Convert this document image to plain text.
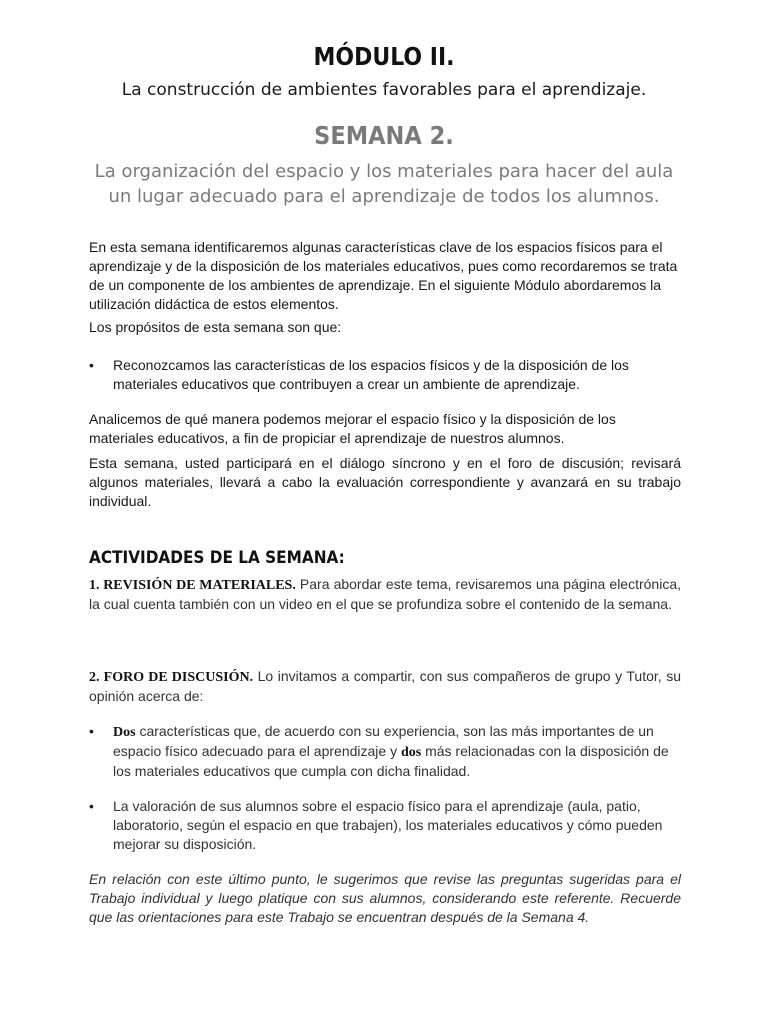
MÓDULO II.
La construcción de ambientes favorables para el aprendizaje.
SEMANA 2.
La organización del espacio y los materiales para hacer del aula un lugar adecuado para el aprendizaje de todos los alumnos.

En esta semana identificaremos algunas características clave de los espacios físicos para el aprendizaje y de la disposición de los materiales educativos, pues como recordaremos se trata de un componente de los ambientes de aprendizaje. En el siguiente Módulo abordaremos la utilización didáctica de estos elementos.

Los propósitos de esta semana son que:

• Reconozcamos las características de los espacios físicos y de la disposición de los materiales educativos que contribuyen a crear un ambiente de aprendizaje.

Analicemos de qué manera podemos mejorar el espacio físico y la disposición de los materiales educativos, a fin de propiciar el aprendizaje de nuestros alumnos.

Esta semana, usted participará en el diálogo síncrono y en el foro de discusión; revisará algunos materiales, llevará a cabo la evaluación correspondiente y avanzará en su trabajo individual.

ACTIVIDADES DE LA SEMANA:

1. REVISIÓN DE MATERIALES. Para abordar este tema, revisaremos una página electrónica, la cual cuenta también con un video en el que se profundiza sobre el contenido de la semana.

2. FORO DE DISCUSIÓN. Lo invitamos a compartir, con sus compañeros de grupo y Tutor, su opinión acerca de:

• Dos características que, de acuerdo con su experiencia, son las más importantes de un espacio físico adecuado para el aprendizaje y dos más relacionadas con la disposición de los materiales educativos que cumpla con dicha finalidad.
• La valoración de sus alumnos sobre el espacio físico para el aprendizaje (aula, patio, laboratorio, según el espacio en que trabajen), los materiales educativos y cómo pueden mejorar su disposición.

En relación con este último punto, le sugerimos que revise las preguntas sugeridas para el Trabajo individual y luego platique con sus alumnos, considerando este referente. Recuerde que las orientaciones para este Trabajo se encuentran después de la Semana 4.
